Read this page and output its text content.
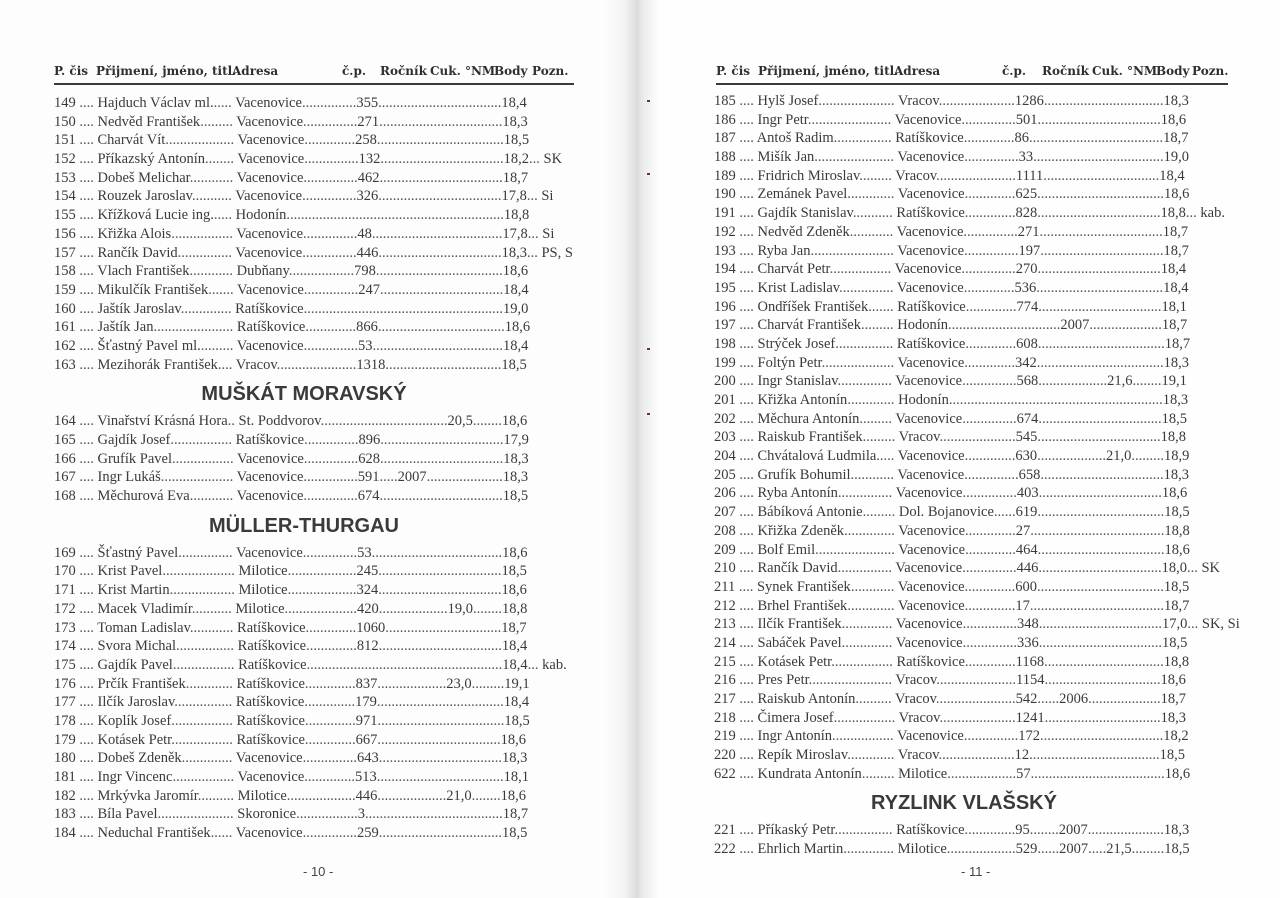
P. čis Přijmení, jméno, titl.Adresa	č.p. Ročník Cuk. °NMBody Pozn.
149 .... Hajduch Václav ml...... Vacenovice...............355..................................18,4
150 .... Nedvěd František......... Vacenovice...............271..................................18,3
151 .... Charvát Vít................... Vacenovice..............258...................................18,5
152 .... Příkazský Antonín........ Vacenovice...............132..................................18,2... SK
153 .... Dobeš Melichar............ Vacenovice...............462..................................18,7
154 .... Rouzek Jaroslav........... Vacenovice...............326..................................17,8... Si
155 .... Křížková Lucie ing...... Hodonín............................................................18,8
156 .... Křižka Alois................. Vacenovice...............48....................................17,8... Si
157 .... Rančík David............... Vacenovice...............446..................................18,3... PS, S
158 .... Vlach František............ Dubňany..................798...................................18,6
159 .... Mikulčík František....... Vacenovice...............247..................................18,4
160 .... Jaštík Jaroslav.............. Ratíškovice.......................................................19,0
161 .... Jaštík Jan...................... Ratíškovice..............866...................................18,6
162 .... Šťastný Pavel ml.......... Vacenovice...............53....................................18,4
163 .... Mezihorák František.... Vracov......................1318................................18,5
MUŠKÁT MORAVSKÝ
164 .... Vinařství Krásná Hora.. St. Poddvorov...................................20,5........18,6
165 .... Gajdík Josef................. Ratíškovice...............896..................................17,9
166 .... Grufík Pavel................. Vacenovice...............628..................................18,3
167 .... Ingr Lukáš.................... Vacenovice...............591.....2007.....................18,3
168 .... Měchurová Eva............ Vacenovice...............674..................................18,5
MÜLLER-THURGAU
169 .... Šťastný Pavel............... Vacenovice...............53....................................18,6
170 .... Krist Pavel.................... Milotice...................245..................................18,5
171 .... Krist Martin.................. Milotice...................324..................................18,6
172 .... Macek Vladimír........... Milotice....................420...................19,0........18,8
173 .... Toman Ladislav............ Ratíškovice..............1060................................18,7
174 .... Svora Michal................ Ratíškovice..............812..................................18,4
175 .... Gajdík Pavel................. Ratíškovice......................................................18,4... kab.
176 .... Prčík František............. Ratíškovice..............837...................23,0.........19,1
177 .... Ilčík Jaroslav................ Ratíškovice..............179...................................18,4
178 .... Koplík Josef................. Ratíškovice..............971...................................18,5
179 .... Kotásek Petr................. Ratíškovice..............667..................................18,6
180 .... Dobeš Zdeněk.............. Vacenovice...............643..................................18,3
181 .... Ingr Vincenc................. Vacenovice..............513...................................18,1
182 .... Mrkývka Jaromír.......... Milotice...................446...................21,0........18,6
183 .... Bíla Pavel..................... Skoronice.................3......................................18,7
184 .... Neduchal František...... Vacenovice...............259..................................18,5
- 10 -
P. čis Přijmení, jméno, titl.Adresa	č.p. Ročník Cuk. °NMBody Pozn.
185 .... Hylš Josef..................... Vracov.....................1286.................................18,3
186 .... Ingr Petr....................... Vacenovice...............501..................................18,6
187 .... Antoš Radim................ Ratíškovice..............86.....................................18,7
188 .... Mišík Jan...................... Vacenovice...............33....................................19,0
189 .... Fridrich Miroslav......... Vracov......................1111................................18,4
190 .... Zemánek Pavel............. Vacenovice..............625...................................18,6
191 .... Gajdík Stanislav........... Ratíškovice..............828..................................18,8... kab.
192 .... Nedvěd Zdeněk............ Vacenovice...............271..................................18,7
193 .... Ryba Jan....................... Vacenovice...............197..................................18,7
194 .... Charvát Petr................. Vacenovice...............270..................................18,4
195 .... Krist Ladislav............... Vacenovice..............536...................................18,4
196 .... Ondříšek František....... Ratíškovice..............774..................................18,1
197 .... Charvát František......... Hodonín...............................2007....................18,7
198 .... Strýček Josef................ Ratíškovice..............608...................................18,7
199 .... Foltýn Petr.................... Vacenovice..............342...................................18,3
200 .... Ingr Stanislav............... Vacenovice...............568...................21,6........19,1
201 .... Křižka Antonín............. Hodonín...........................................................18,3
202 .... Měchura Antonín......... Vacenovice...............674..................................18,5
203 .... Raiskub František......... Vracov.....................545..................................18,8
204 .... Chvátalová Ludmila..... Vacenovice..............630...................21,0.........18,9
205 .... Grufík Bohumil............ Vacenovice...............658..................................18,3
206 .... Ryba Antonín............... Vacenovice...............403..................................18,6
207 .... Bábíková Antonie......... Dol. Bojanovice......619...................................18,5
208 .... Křižka Zdeněk.............. Vacenovice..............27.....................................18,8
209 .... Bolf Emil...................... Vacenovice..............464...................................18,6
210 .... Rančík David............... Vacenovice...............446..................................18,0... SK
211 .... Synek František............ Vacenovice..............600...................................18,5
212 .... Brhel František............. Vacenovice..............17.....................................18,7
213 .... Ilčík František.............. Vacenovice...............348..................................17,0... SK, Si
214 .... Sabáček Pavel.............. Vacenovice...............336..................................18,5
215 .... Kotásek Petr................. Ratíškovice..............1168.................................18,8
216 .... Pres Petr....................... Vracov......................1154................................18,6
217 .... Raiskub Antonín.......... Vracov......................542......2006....................18,7
218 .... Čimera Josef................. Vracov.....................1241................................18,3
219 .... Ingr Antonín................. Vacenovice...............172..................................18,2
220 .... Repík Miroslav............. Vracov.....................12....................................18,5
622 .... Kundrata Antonín......... Milotice...................57.....................................18,6
RYZLINK VLAŠSKÝ
221 .... Příkaský Petr................ Ratíškovice..............95........2007.....................18,3
222 .... Ehrlich Martin.............. Milotice...................529......2007.....21,5.........18,5
- 11 -
